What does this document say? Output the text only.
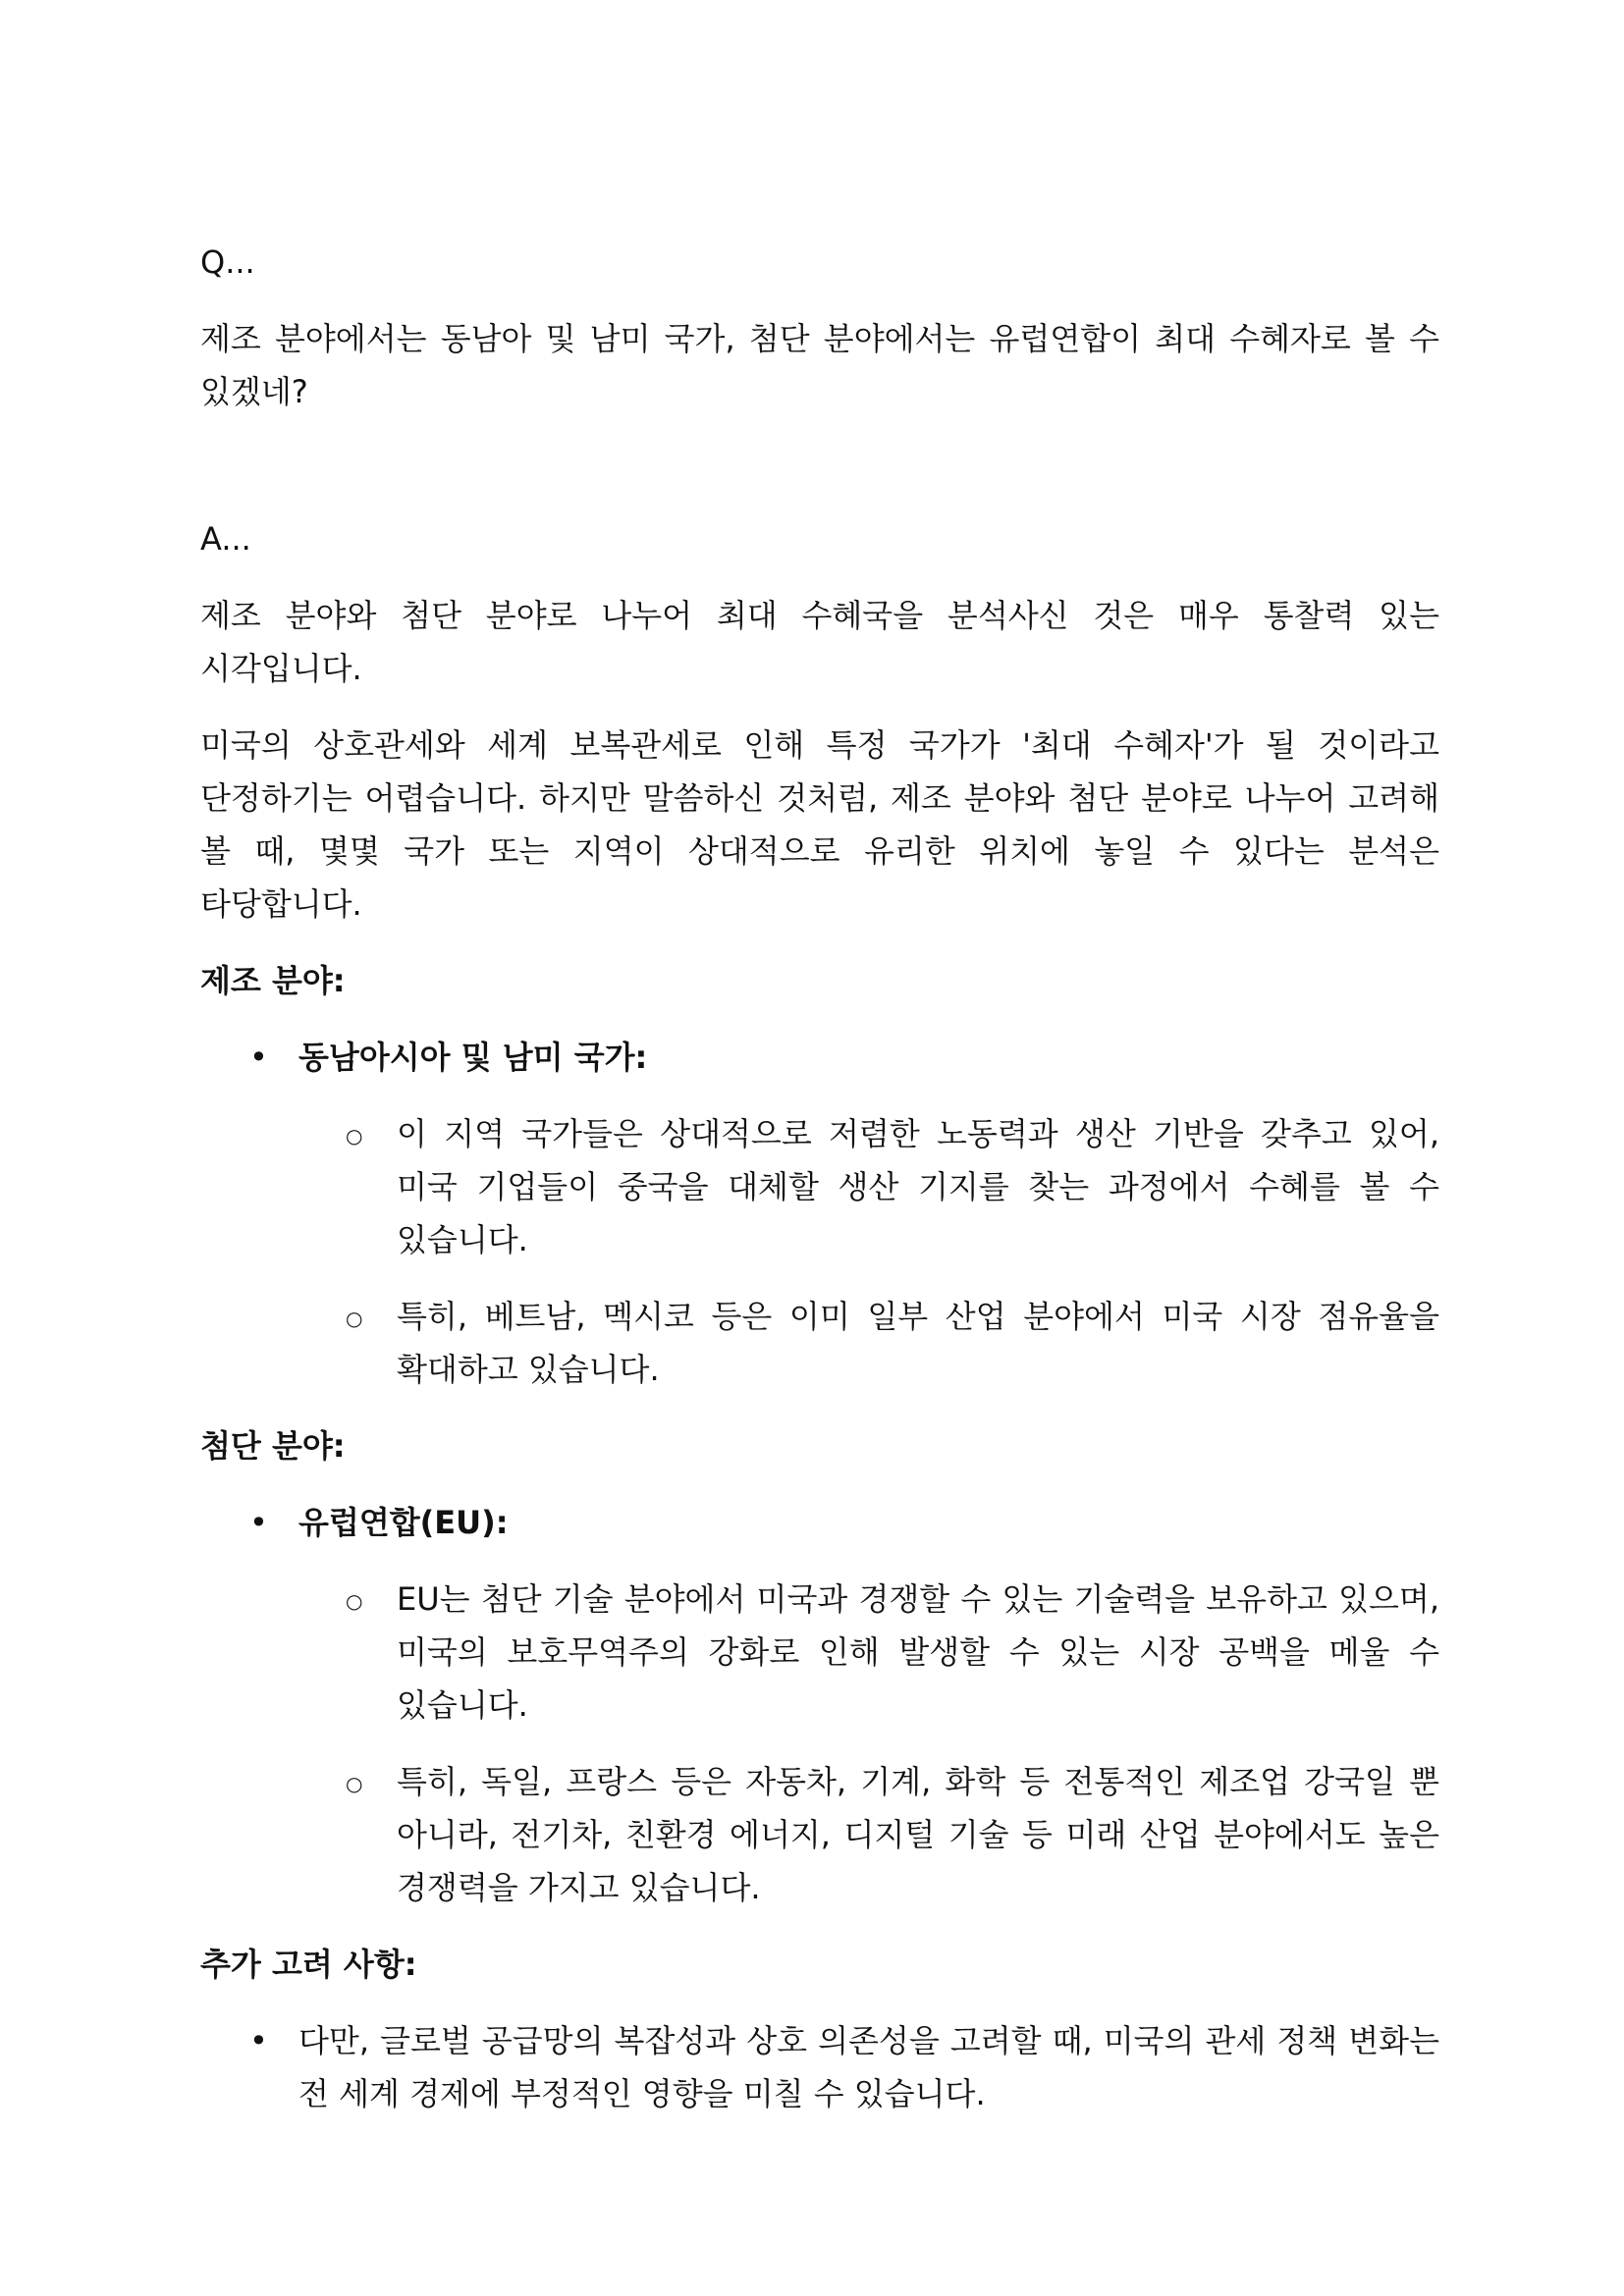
Q...

제조 분야에서는 동남아 및 남미 국가, 첨단 분야에서는 유럽연합이 최대 수혜자로 볼 수 있겠네?

A...

제조 분야와 첨단 분야로 나누어 최대 수혜국을 분석사신 것은 매우 통찰력 있는 시각입니다.

미국의 상호관세와 세계 보복관세로 인해 특정 국가가 '최대 수혜자'가 될 것이라고 단정하기는 어렵습니다. 하지만 말씀하신 것처럼, 제조 분야와 첨단 분야로 나누어 고려해 볼 때, 몇몇 국가 또는 지역이 상대적으로 유리한 위치에 놓일 수 있다는 분석은 타당합니다.

제조 분야:

• 동남아시아 및 남미 국가:

○ 이 지역 국가들은 상대적으로 저렴한 노동력과 생산 기반을 갖추고 있어, 미국 기업들이 중국을 대체할 생산 기지를 찾는 과정에서 수혜를 볼 수 있습니다.

○ 특히, 베트남, 멕시코 등은 이미 일부 산업 분야에서 미국 시장 점유율을 확대하고 있습니다.

첨단 분야:

• 유럽연합(EU):

○ EU는 첨단 기술 분야에서 미국과 경쟁할 수 있는 기술력을 보유하고 있으며, 미국의 보호무역주의 강화로 인해 발생할 수 있는 시장 공백을 메울 수 있습니다.

○ 특히, 독일, 프랑스 등은 자동차, 기계, 화학 등 전통적인 제조업 강국일 뿐 아니라, 전기차, 친환경 에너지, 디지털 기술 등 미래 산업 분야에서도 높은 경쟁력을 가지고 있습니다.

추가 고려 사항:

• 다만, 글로벌 공급망의 복잡성과 상호 의존성을 고려할 때, 미국의 관세 정책 변화는 전 세계 경제에 부정적인 영향을 미칠 수 있습니다.
